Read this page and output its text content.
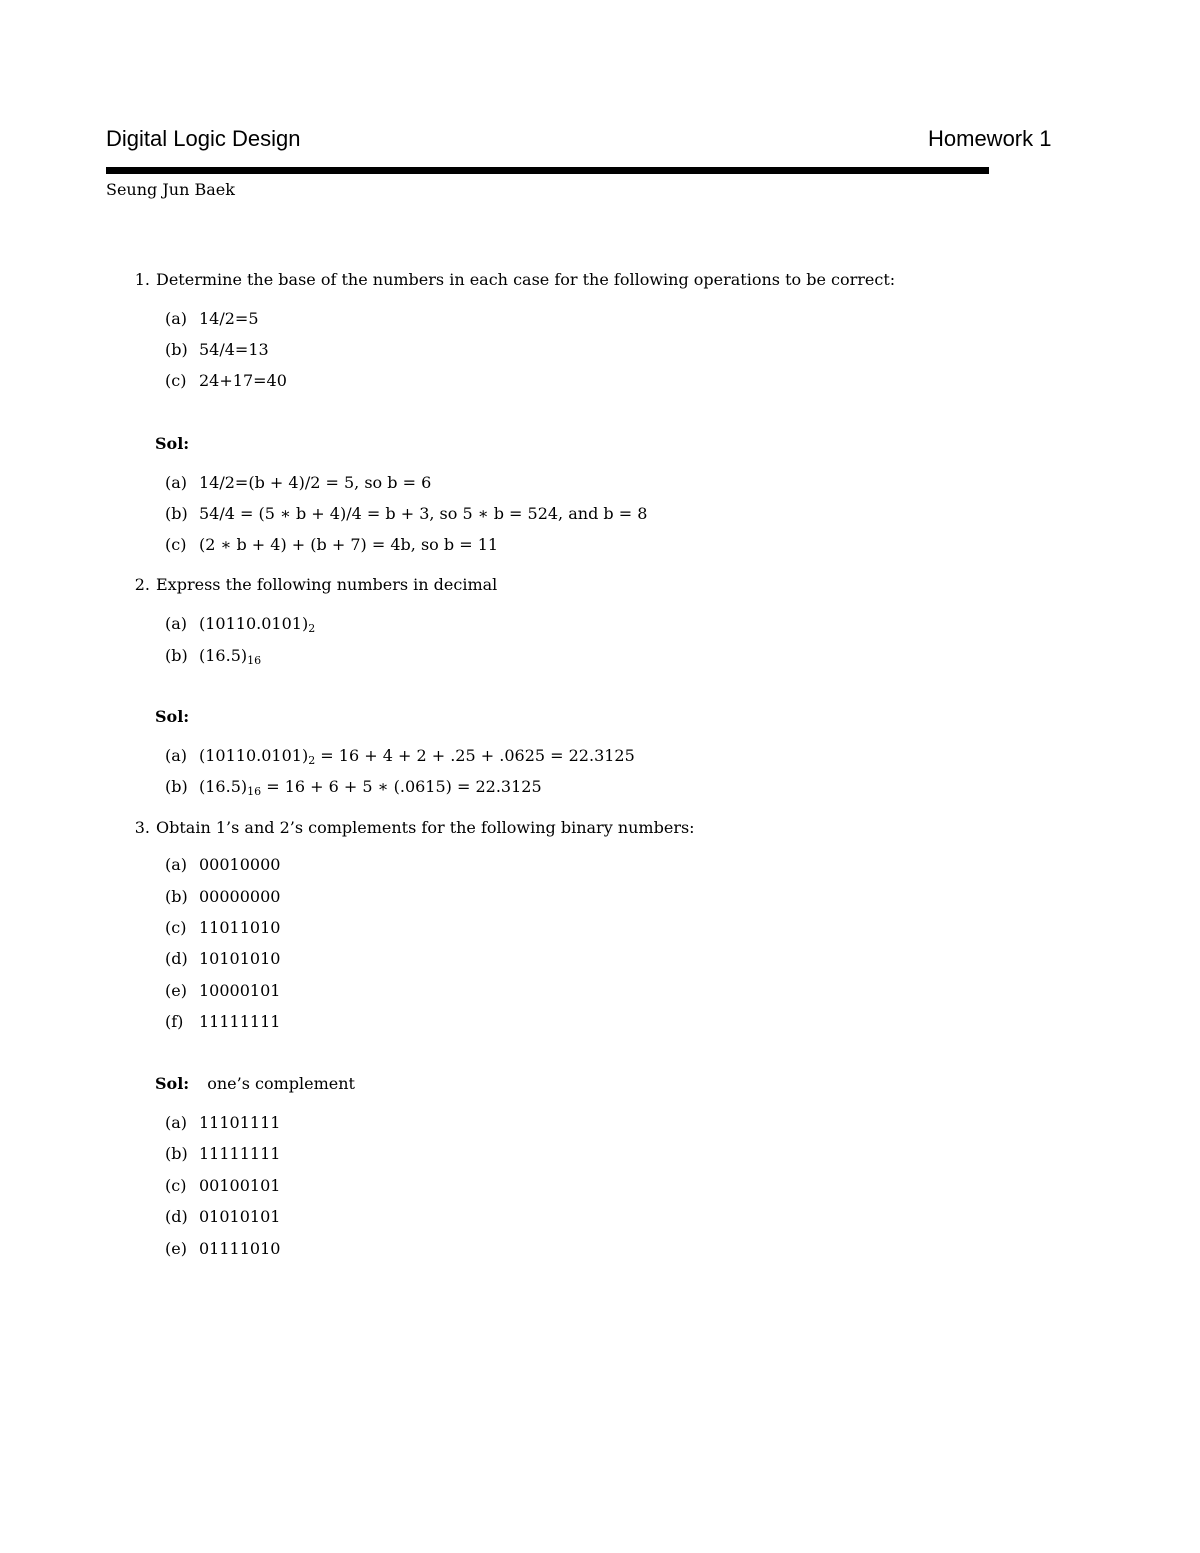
Digital Logic Design	Homework 1
Seung Jun Baek
1. Determine the base of the numbers in each case for the following operations to be correct:
(a) 14/2=5
(b) 54/4=13
(c) 24+17=40
Sol:
(a) 14/2=(b + 4)/2 = 5, so b = 6
(b) 54/4 = (5 ∗ b + 4)/4 = b + 3, so 5 ∗ b = 524, and b = 8
(c) (2 ∗ b + 4) + (b + 7) = 4b, so b = 11
2. Express the following numbers in decimal
(a) $(10110.0101)_2$
(b) $(16.5)_{16}$
Sol:
(a) $(10110.0101)_2 = 16 + 4 + 2 + .25 + .0625 = 22.3125$
(b) $(16.5)_{16} = 16 + 6 + 5$ ∗ (.0615) = 22.3125
3. Obtain 1’s and 2’s complements for the following binary numbers:
(a) 00010000
(b) 00000000
(c) 11011010
(d) 10101010
(e) 10000101
(f) 11111111
Sol: one’s complement
(a) 11101111
(b) 11111111
(c) 00100101
(d) 01010101
(e) 01111010
